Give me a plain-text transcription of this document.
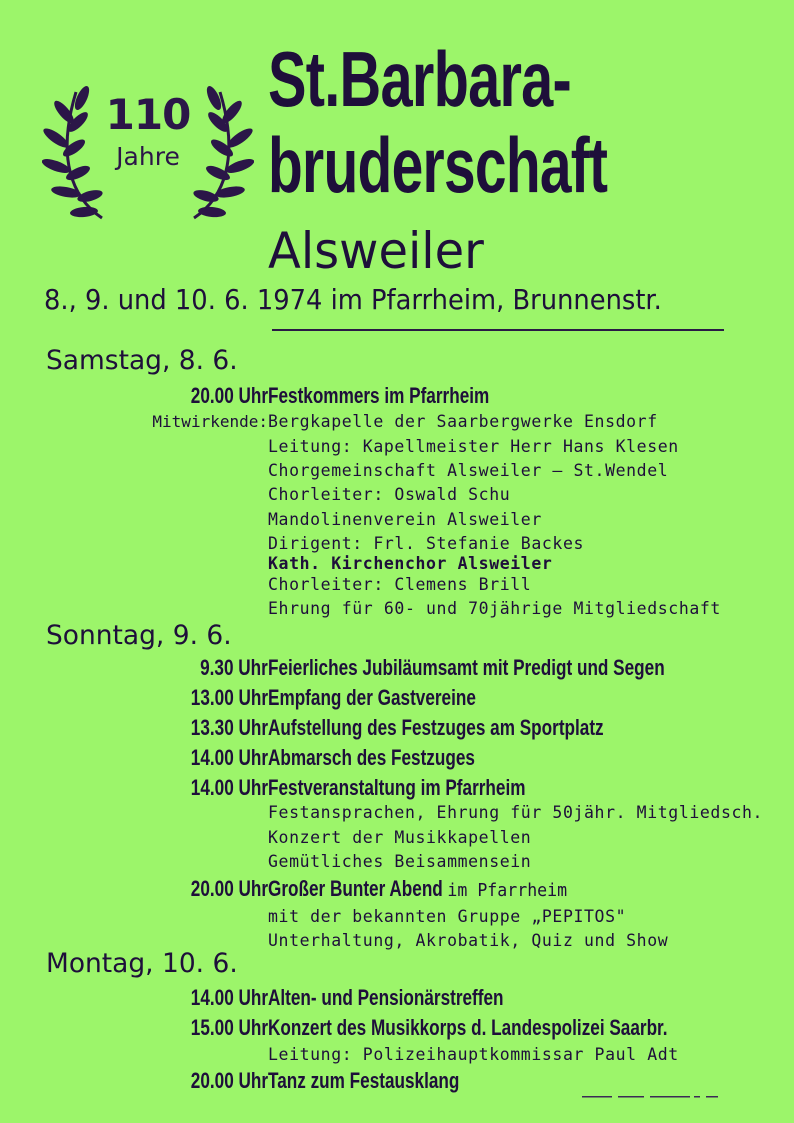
110
Jahre
St.Barbara-
bruderschaft
Alsweiler
8., 9. und 10. 6. 1974 im Pfarrheim, Brunnenstr.
Samstag, 8. 6.
20.00 Uhr Festkommers im Pfarrheim
Mitwirkende: Bergkapelle der Saarbergwerke Ensdorf
Leitung: Kapellmeister Herr Hans Klesen
Chorgemeinschaft Alsweiler — St.Wendel
Chorleiter: Oswald Schu
Mandolinenverein Alsweiler
Dirigent: Frl. Stefanie Backes
Kath. Kirchenchor Alsweiler
Chorleiter: Clemens Brill
Ehrung für 60- und 70jährige Mitgliedschaft
Sonntag, 9. 6.
9.30 Uhr Feierliches Jubiläumsamt mit Predigt und Segen
13.00 Uhr Empfang der Gastvereine
13.30 Uhr Aufstellung des Festzuges am Sportplatz
14.00 Uhr Abmarsch des Festzuges
14.00 Uhr Festveranstaltung im Pfarrheim
Festansprachen, Ehrung für 50jähr. Mitgliedsch.
Konzert der Musikkapellen
Gemütliches Beisammensein
20.00 Uhr Großer Bunter Abend im Pfarrheim
mit der bekannten Gruppe „PEPITOS"
Unterhaltung, Akrobatik, Quiz und Show
Montag, 10. 6.
14.00 Uhr Alten- und Pensionärstreffen
15.00 Uhr Konzert des Musikkorps d. Landespolizei Saarbr.
Leitung: Polizeihauptkommissar Paul Adt
20.00 Uhr Tanz zum Festausklang
